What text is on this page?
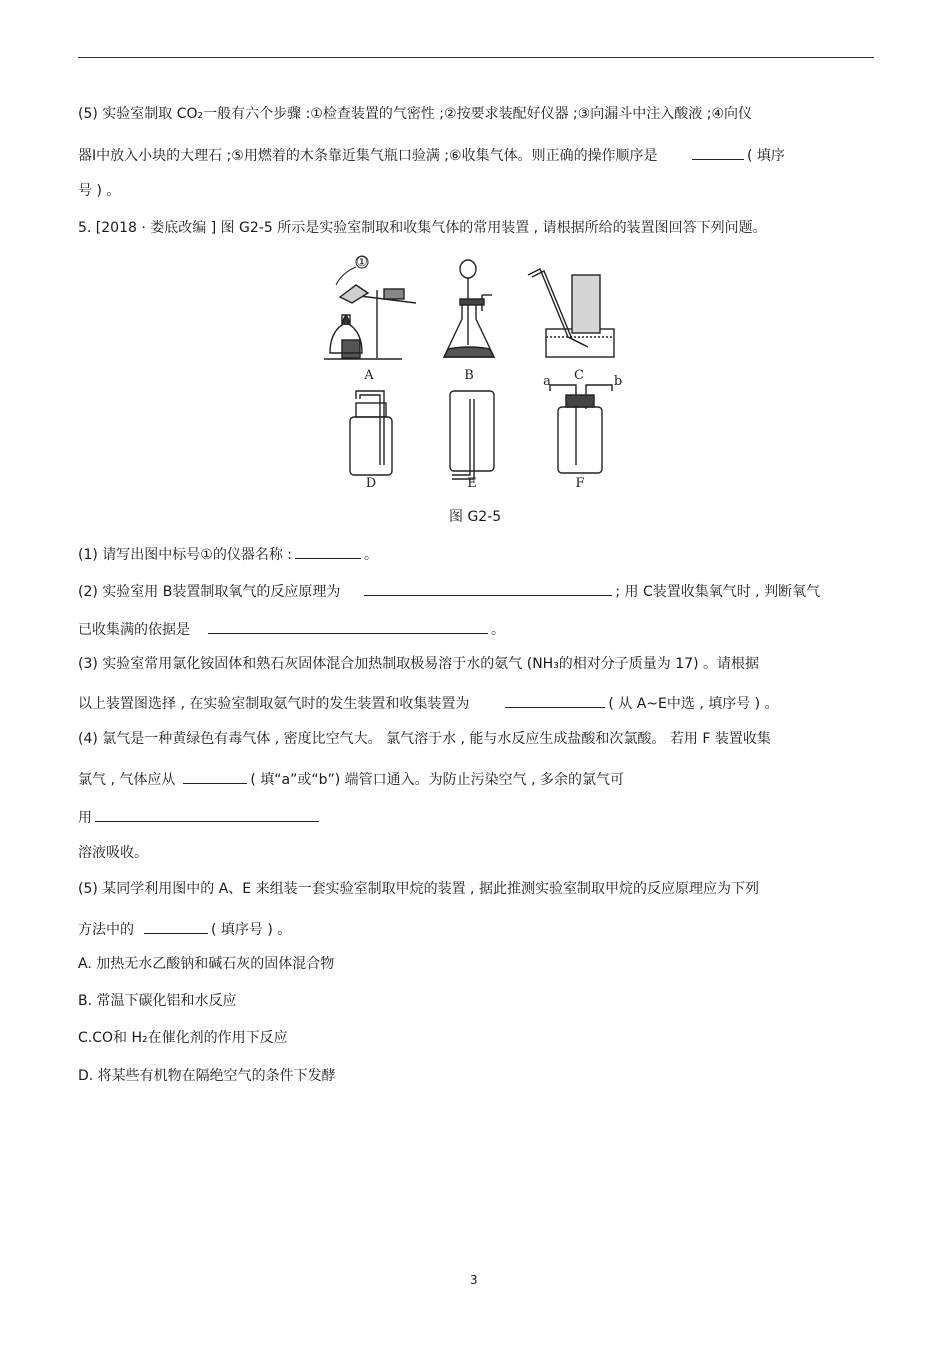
(5) 实验室制取 CO₂一般有六个步骤 :①检查装置的气密性 ;②按要求装配好仪器 ;③向漏斗中注入酸液 ;④向仪
器Ⅰ中放入小块的大理石 ;⑤用燃着的木条靠近集气瓶口验满 ;⑥收集气体。则正确的操作顺序是	( 填序
号 ) 。
5. [2018 · 娄底改编 ] 图 G2-5 所示是实验室制取和收集气体的常用装置 , 请根据所给的装置图回答下列问题。
①
A	B	C
D	E
a	b
F
图 G2-5
(1) 请写出图中标号①的仪器名称 :	。
(2) 实验室用 B装置制取氧气的反应原理为	; 用 C装置收集氧气时 , 判断氧气
已收集满的依据是	。
(3) 实验室常用氯化铵固体和熟石灰固体混合加热制取极易溶于水的氨气 (NH₃的相对分子质量为 17) 。请根据
以上装置图选择 , 在实验室制取氨气时的发生装置和收集装置为	( 从 A~E中选 , 填序号 ) 。
(4) 氯气是一种黄绿色有毒气体 , 密度比空气大。 氯气溶于水 , 能与水反应生成盐酸和次氯酸。 若用 F 装置收集
氯气 , 气体应从	( 填“a”或“b”) 端管口通入。为防止污染空气 , 多余的氯气可
用
溶液吸收。
(5) 某同学利用图中的 A、E 来组装一套实验室制取甲烷的装置 , 据此推测实验室制取甲烷的反应原理应为下列
方法中的	( 填序号 ) 。
A. 加热无水乙酸钠和碱石灰的固体混合物
B. 常温下碳化铝和水反应
C.CO和 H₂在催化剂的作用下反应
D. 将某些有机物在隔绝空气的条件下发酵
3
